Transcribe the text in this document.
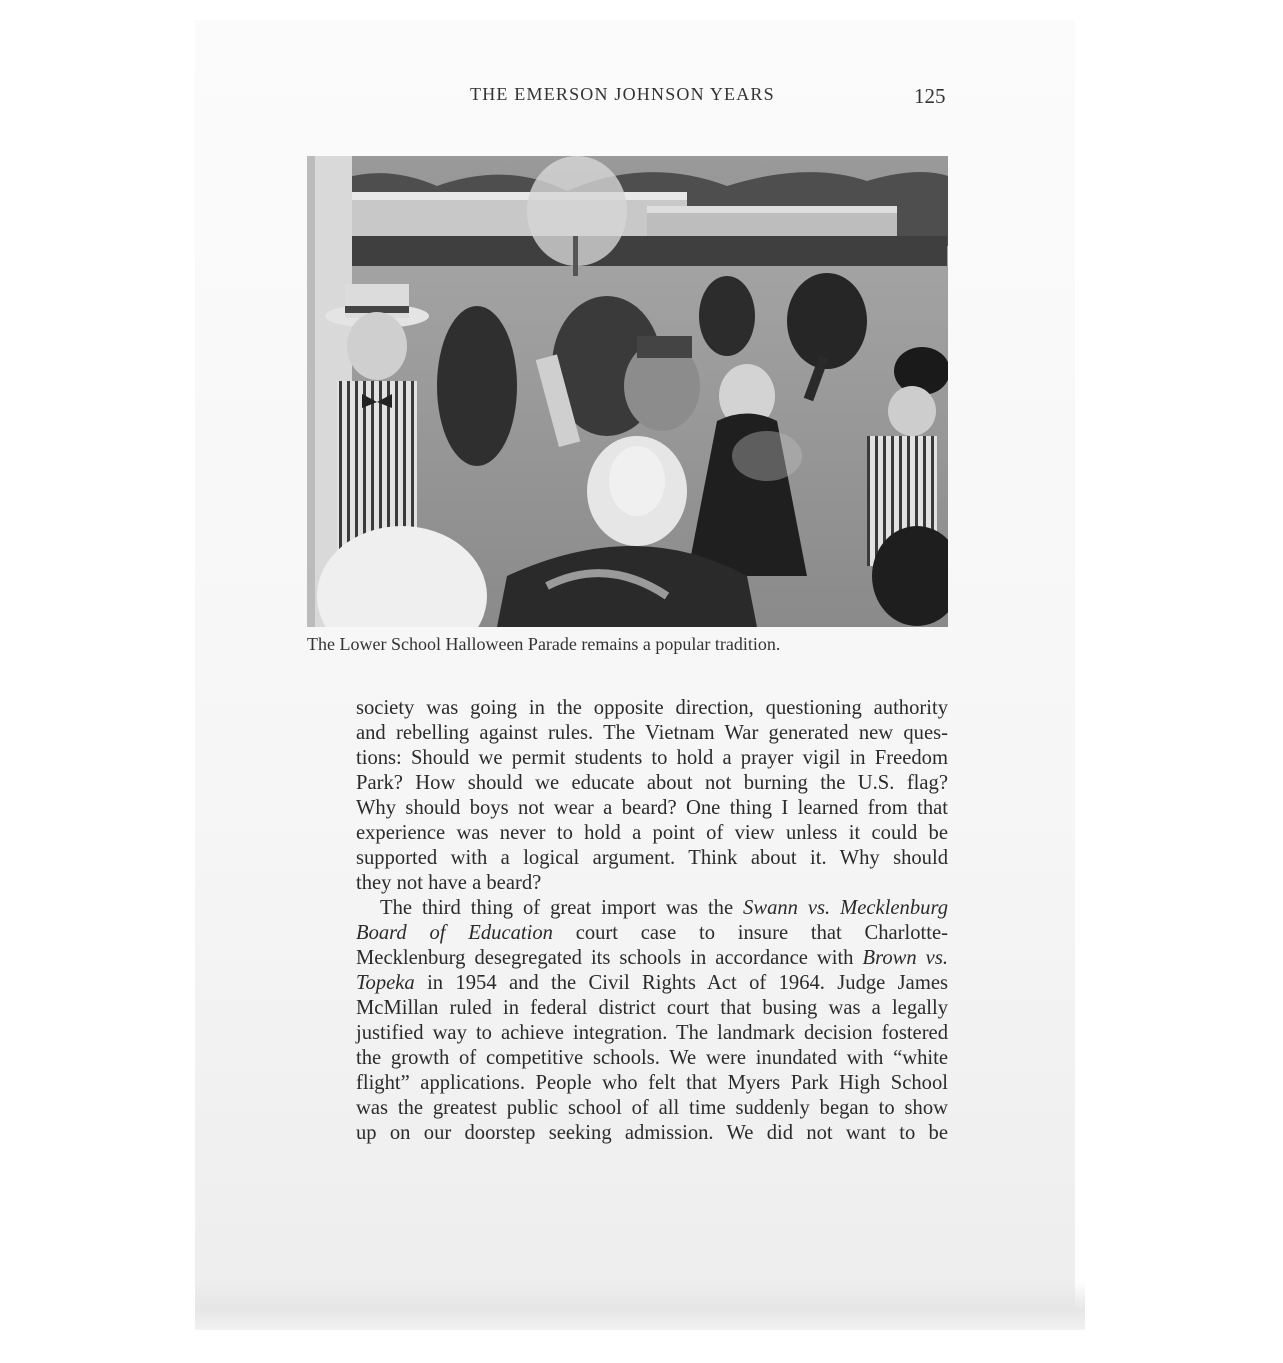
THE EMERSON JOHNSON YEARS	125

The Lower School Halloween Parade remains a popular tradition.

society was going in the opposite direction, questioning authority

and rebelling against rules. The Vietnam War generated new ques-

tions: Should we permit students to hold a prayer vigil in Freedom

Park? How should we educate about not burning the U.S. flag?

Why should boys not wear a beard? One thing I learned from that

experience was never to hold a point of view unless it could be

supported with a logical argument. Think about it. Why should

they not have a beard?

The third thing of great import was the Swann vs. Mecklenburg

Board of Education court case to insure that Charlotte-

Mecklenburg desegregated its schools in accordance with Brown vs.

Topeka in 1954 and the Civil Rights Act of 1964. Judge James

McMillan ruled in federal district court that busing was a legally

justified way to achieve integration. The landmark decision fostered

the growth of competitive schools. We were inundated with “white

flight” applications. People who felt that Myers Park High School

was the greatest public school of all time suddenly began to show

up on our doorstep seeking admission. We did not want to be
